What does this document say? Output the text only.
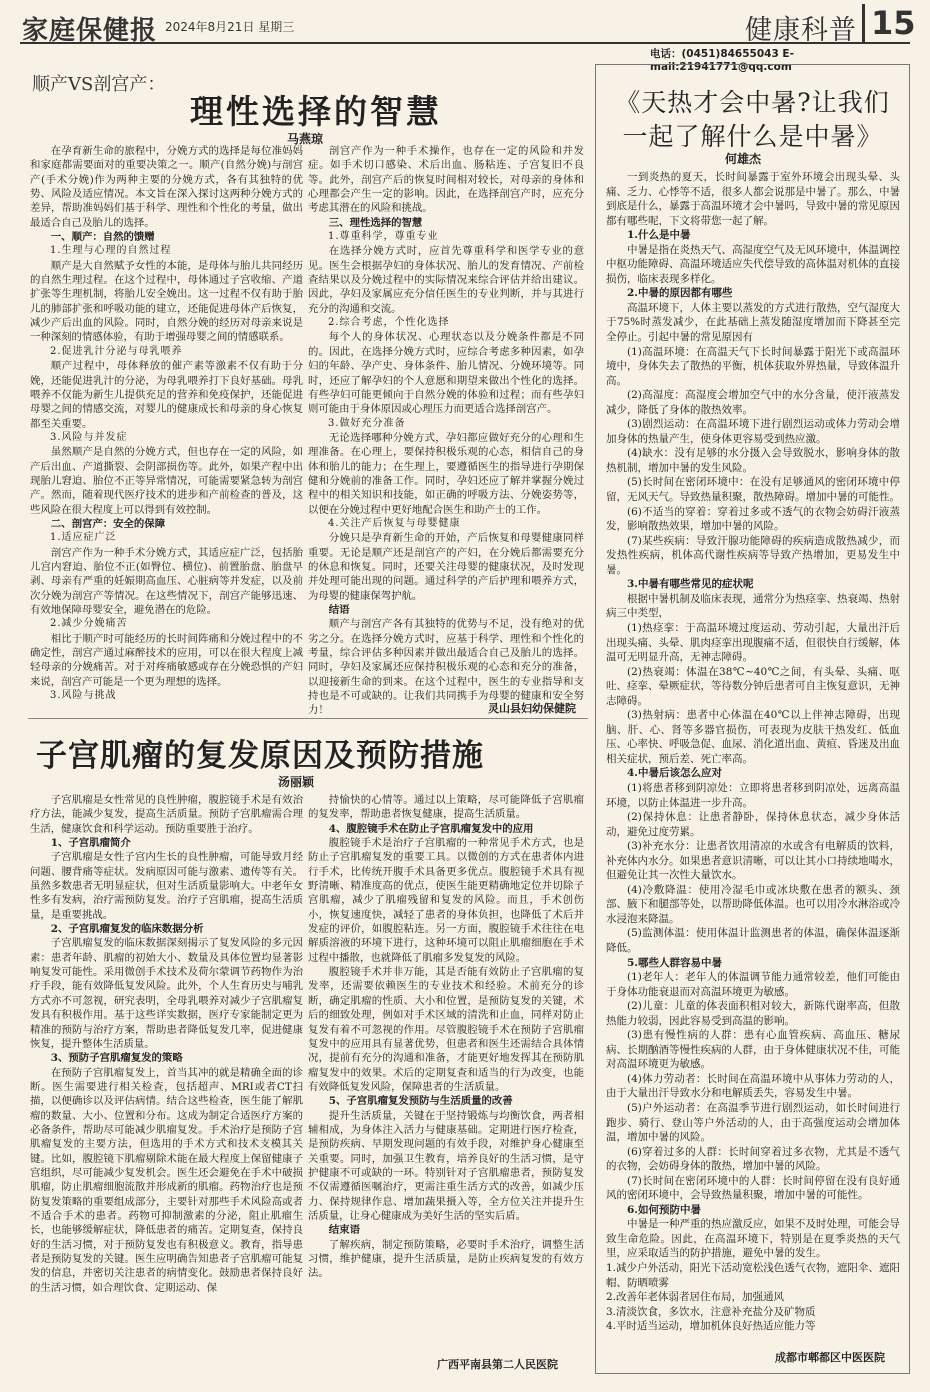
家庭保健报 2024年8月21日 星期三	健康科普 15
电话：(0451)84655043 E-mail:21941771@qq.com
顺产VS剖宫产：
理性选择的智慧
马燕琼

在孕育新生命的旅程中，分娩方式的选择是每位准妈妈和家庭都需要面对的重要决策之一。顺产(自然分娩)与剖宫产(手术分娩)作为两种主要的分娩方式，各有其独特的优势、风险及适应情况。本文旨在深入探讨这两种分娩方式的差异，帮助准妈妈们基于科学、理性和个性化的考量，做出最适合自己及胎儿的选择。

一、顺产：自然的馈赠

1.生理与心理的自然过程

顺产是大自然赋予女性的本能，是母体与胎儿共同经历的自然生理过程。在这个过程中，母体通过子宫收缩、产道扩张等生理机制，将胎儿安全娩出。这一过程不仅有助于胎儿的肺部扩张和呼吸功能的建立，还能促进母体产后恢复，减少产后出血的风险。同时，自然分娩的经历对母亲来说是一种深刻的情感体验，有助于增强母婴之间的情感联系。

2.促进乳汁分泌与母乳喂养

顺产过程中，母体释放的催产素等激素不仅有助于分娩，还能促进乳汁的分泌，为母乳喂养打下良好基础。母乳喂养不仅能为新生儿提供充足的营养和免疫保护，还能促进母婴之间的情感交流，对婴儿的健康成长和母亲的身心恢复都至关重要。

3.风险与并发症

虽然顺产是自然的分娩方式，但也存在一定的风险，如产后出血、产道撕裂、会阴部损伤等。此外，如果产程中出现胎儿窘迫、胎位不正等异常情况，可能需要紧急转为剖宫产。然而，随着现代医疗技术的进步和产前检查的普及，这些风险在很大程度上可以得到有效控制。

二、剖宫产：安全的保障

1.适应症广泛

剖宫产作为一种手术分娩方式，其适应症广泛，包括胎儿宫内窘迫、胎位不正(如臀位、横位)、前置胎盘、胎盘早剥、母亲有严重的妊娠期高血压、心脏病等并发症，以及前次分娩为剖宫产等情况。在这些情况下，剖宫产能够迅速、有效地保障母婴安全，避免潜在的危险。

2.减少分娩痛苦

相比于顺产时可能经历的长时间阵痛和分娩过程中的不确定性，剖宫产通过麻醉技术的应用，可以在很大程度上减轻母亲的分娩痛苦。对于对疼痛敏感或存在分娩恐惧的产妇来说，剖宫产可能是一个更为理想的选择。

3.风险与挑战

剖宫产作为一种手术操作，也存在一定的风险和并发症。如手术切口感染、术后出血、肠粘连、子宫复旧不良等。此外，剖宫产后的恢复时间相对较长，对母亲的身体和心理都会产生一定的影响。因此，在选择剖宫产时，应充分考虑其潜在的风险和挑战。

三、理性选择的智慧

1.尊重科学，尊重专业

在选择分娩方式时，应首先尊重科学和医学专业的意见。医生会根据孕妇的身体状况、胎儿的发育情况、产前检查结果以及分娩过程中的实际情况来综合评估并给出建议。因此，孕妇及家属应充分信任医生的专业判断，并与其进行充分的沟通和交流。

2.综合考虑，个性化选择

每个人的身体状况、心理状态以及分娩条件都是不同的。因此，在选择分娩方式时，应综合考虑多种因素，如孕妇的年龄、孕产史、身体条件、胎儿情况、分娩环境等。同时，还应了解孕妇的个人意愿和期望来做出个性化的选择。有些孕妇可能更倾向于自然分娩的体验和过程；而有些孕妇则可能由于身体原因或心理压力而更适合选择剖宫产。

3.做好充分准备

无论选择哪种分娩方式，孕妇都应做好充分的心理和生理准备。在心理上，要保持积极乐观的心态，相信自己的身体和胎儿的能力；在生理上，要遵循医生的指导进行孕期保健和分娩前的准备工作。同时，孕妇还应了解并掌握分娩过程中的相关知识和技能，如正确的呼吸方法、分娩姿势等，以便在分娩过程中更好地配合医生和助产士的工作。

4.关注产后恢复与母婴健康

分娩只是孕育新生命的开始，产后恢复和母婴健康同样重要。无论是顺产还是剖宫产的产妇，在分娩后都需要充分的休息和恢复。同时，还要关注母婴的健康状况，及时发现并处理可能出现的问题。通过科学的产后护理和喂养方式，为母婴的健康保驾护航。

结语

顺产与剖宫产各有其独特的优势与不足，没有绝对的优劣之分。在选择分娩方式时，应基于科学、理性和个性化的考量，综合评估多种因素并做出最适合自己及胎儿的选择。同时，孕妇及家属还应保持积极乐观的心态和充分的准备，以迎接新生命的到来。在这个过程中，医生的专业指导和支持也是不可或缺的。让我们共同携手为母婴的健康和安全努力！	灵山县妇幼保健院
子宫肌瘤的复发原因及预防措施
汤丽颖

子宫肌瘤是女性常见的良性肿瘤，腹腔镜手术是有效治疗方法，能减少复发，提高生活质量。预防子宫肌瘤需合理生活，健康饮食和科学运动。预防重要胜于治疗。

1、子宫肌瘤简介

子宫肌瘤是女性子宫内生长的良性肿瘤，可能导致月经问题、腰背痛等症状。发病原因可能与激素、遗传等有关。虽然多数患者无明显症状，但对生活质量影响大。中老年女性多有发病，治疗需预防复发。治疗子宫肌瘤，提高生活质量，是重要挑战。

2、子宫肌瘤复发的临床数据分析

子宫肌瘤复发的临床数据深刻揭示了复发风险的多元因素：患者年龄、肌瘤的初始大小、数量及具体位置均显著影响复发可能性。采用微创手术技术及荷尔蒙调节药物作为治疗手段，能有效降低复发风险。此外，个人生育历史与哺乳方式亦不可忽视，研究表明，全母乳喂养对减少子宫肌瘤复发具有积极作用。基于这些详实数据，医疗专家能制定更为精准的预防与治疗方案，帮助患者降低复发几率，促进健康恢复，提升整体生活质量。

3、预防子宫肌瘤复发的策略

在预防子宫肌瘤复发上，首当其冲的就是精确全面的诊断。医生需要进行相关检查，包括超声、MRI或者CT扫描，以便确诊以及评估病情。结合这些检查，医生能了解肌瘤的数量、大小、位置和分布。这成为制定合适医疗方案的必备条件，帮助尽可能减少肌瘤复发。手术治疗是预防子宫肌瘤复发的主要方法，但选用的手术方式和技术支模其关键。比如，腹腔镜下肌瘤剔除术能在最大程度上保留健康子宫组织，尽可能减少复发机会。医生还会避免在手术中破损肌瘤，防止肌瘤细胞流散并形成新的肌瘤。药物治疗也是预防复发策略的重要组成部分，主要针对那些手术风险高或者不适合手术的患者。药物可抑制激素的分泌，阻止肌瘤生长，也能够缓解症状，降低患者的痛苦。定期复查，保持良好的生活习惯，对于预防复发也有积极意义。教育，指导患者是预防复发的关键。医生应明确告知患者子宫肌瘤可能复发的信息，并密切关注患者的病情变化。鼓励患者保持良好的生活习惯，如合理饮食、定期运动、保

持愉快的心情等。通过以上策略，尽可能降低子宫肌瘤的复发率，帮助患者恢复健康，提高生活质量。

4、腹腔镜手术在防止子宫肌瘤复发中的应用

腹腔镜手术是治疗子宫肌瘤的一种常见手术方式，也是防止子宫肌瘤复发的重要工具。以微创的方式在患者体内进行手术，比传统开腹手术具备更多优点。腹腔镜手术具有视野清晰、精准度高的优点，使医生能更精确地定位并切除子宫肌瘤，减少了肌瘤残留和复发的风险。而且，手术创伤小，恢复速度快，减轻了患者的身体负担，也降低了术后并发症的评价，如腹腔粘连。另一方面，腹腔镜手术往往在电解质溶液的环境下进行，这种环境可以阻止肌瘤细胞在手术过程中播散，也就降低了肌瘤多发复发的风险。

腹腔镜手术并非万能，其是否能有效防止子宫肌瘤的复发率，还需要依赖医生的专业技术和经验。术前充分的诊断，确定肌瘤的性质、大小和位置，是预防复发的关键，术后的细致处理，例如对手术区域的清洗和止血，同样对防止复发有着不可忽视的作用。尽管腹腔镜手术在预防子宫肌瘤复发中的应用具有显著优势，但患者和医生还需结合具体情况，提前有充分的沟通和准备，才能更好地发挥其在预防肌瘤复发中的效果。术后的定期复查和适当的行为改变，也能有效降低复发风险，保障患者的生活质量。

5、子宫肌瘤复发预防与生活质量的改善

提升生活质量，关键在于坚持锻炼与均衡饮食，两者相辅相成，为身体注入活力与健康基础。定期进行医疗检查，是预防疾病、早期发现问题的有效手段，对维护身心健康至关重要。同时，加强卫生教育，培养良好的生活习惯，是守护健康不可或缺的一环。特别针对子宫肌瘤患者，预防复发不仅需遵循医嘱治疗，更需注重生活方式的改善，如减少压力、保持规律作息、增加蔬果摄入等，全方位关注并提升生活质量，让身心健康成为美好生活的坚实后盾。

结束语

了解疾病，制定预防策略，必要时手术治疗，调整生活习惯，维护健康，提升生活质量，是防止疾病复发的有效方法。

广西平南县第二人民医院
《天热才会中暑?让我们
一起了解什么是中暑》
何雄杰

一到炎热的夏天，长时间暴露于室外环境会出现头晕、头痛、乏力、心悸等不适，很多人都会说那是中暑了。那么，中暑到底是什么，暴露于高温环境才会中暑吗，导致中暑的常见原因都有哪些呢，下文将带您一起了解。

1.什么是中暑

中暑是指在炎热天气、高湿度空气及无风环境中，体温调控中枢功能障碍、高温环境适应失代偿导致的高体温对机体的直接损伤，临床表现多样化。

2.中暑的原因都有哪些

高温环境下，人体主要以蒸发的方式进行散热，空气湿度大于75%时蒸发减少，在此基础上蒸发随湿度增加而下降甚至完全停止。引起中暑的常见原因有

(1)高温环境：在高温天气下长时间暴露于阳光下或高温环境中，身体失去了散热的平衡，机体获取外界热量，导致体温升高。

(2)高湿度：高湿度会增加空气中的水分含量，使汗液蒸发减少，降低了身体的散热效率。

(3)剧烈运动：在高温环境下进行剧烈运动或体力劳动会增加身体的热量产生，使身体更容易受到热应激。

(4)缺水：没有足够的水分摄入会导致脱水，影响身体的散热机制，增加中暑的发生风险。

(5)长时间在密闭环境中：在没有足够通风的密闭环境中停留，无风天气。导致热量积聚，散热障碍。增加中暑的可能性。

(6)不适当的穿着：穿着过多或不透气的衣物会妨碍汗液蒸发，影响散热效果，增加中暑的风险。

(7)某些疾病：导致汗腺功能障碍的疾病造成散热减少，而发热性疾病，机体高代谢性疾病等导致产热增加，更易发生中暑。

3.中暑有哪些常见的症状呢

根据中暑机制及临床表现，通常分为热痉挛、热衰竭、热射病三中类型，

(1)热痉挛：于高温环境过度运动、劳动引起，大量出汗后出现头痛、头晕、肌肉痉挛出现腹痛不适，但很快自行缓解，体温可无明显升高，无神志障碍。

(2)热衰竭：体温在38℃~40℃之间，有头晕、头痛、呕吐、痉挛、晕厥症状，等待数分钟后患者可自主恢复意识，无神志障碍。

(3)热射病：患者中心体温在40℃以上伴神志障碍，出现脑、肝、心、肾等多器官损伤，可表现为皮肤干热发红、低血压、心率快、呼吸急促、血尿、消化道出血、黄疸、昏迷及出血相关症状，预后差、死亡率高。

4.中暑后该怎么应对

(1)将患者移到阴凉处：立即将患者移到阴凉处，远离高温环境，以防止体温进一步升高。

(2)保持休息：让患者静卧，保持休息状态，减少身体活动，避免过度劳累。

(3)补充水分：让患者饮用清凉的水或含有电解质的饮料，补充体内水分。如果患者意识清晰，可以让其小口持续地喝水，但避免让其一次性大量饮水。

(4)冷敷降温：使用冷湿毛巾或冰块敷在患者的额头、颈部、腋下和腿部等处，以帮助降低体温。也可以用冷水淋浴或冷水浸泡来降温。

(5)监测体温：使用体温计监测患者的体温，确保体温逐渐降低。

5.哪些人群容易中暑

(1)老年人：老年人的体温调节能力通常较差，他们可能由于身体功能衰退而对高温环境更为敏感。

(2)儿童：儿童的体表面积相对较大，新陈代谢率高，但散热能力较弱，因此容易受到高温的影响。

(3)患有慢性病的人群：患有心血管疾病、高血压、糖尿病、长期酗酒等慢性疾病的人群，由于身体健康状况不佳，可能对高温环境更为敏感。

(4)体力劳动者：长时间在高温环境中从事体力劳动的人，由于大量出汗导致水分和电解质丢失，容易发生中暑。

(5)户外运动者：在高温季节进行剧烈运动，如长时间进行跑步、骑行、登山等户外活动的人，由于高强度运动会增加体温，增加中暑的风险。

(6)穿着过多的人群：长时间穿着过多衣物，尤其是不透气的衣物，会妨碍身体的散热，增加中暑的风险。

(7)长时间在密闭环境中的人群：长时间停留在没有良好通风的密闭环境中，会导致热量积聚，增加中暑的可能性。

6.如何预防中暑

中暑是一种严重的热应激反应，如果不及时处理，可能会导致生命危险。因此，在高温环境下，特别是在夏季炎热的天气里，应采取适当的防护措施，避免中暑的发生。

1.减少户外活动，阳光下活动宽松浅色透气衣物，遮阳伞、遮阳帽、防晒喷雾

2.改善年老体弱者居住布局，加强通风

3.清淡饮食，多饮水，注意补充盐分及矿物质

4.平时适当运动，增加机体良好热适应能力等

成都市郫都区中医医院
